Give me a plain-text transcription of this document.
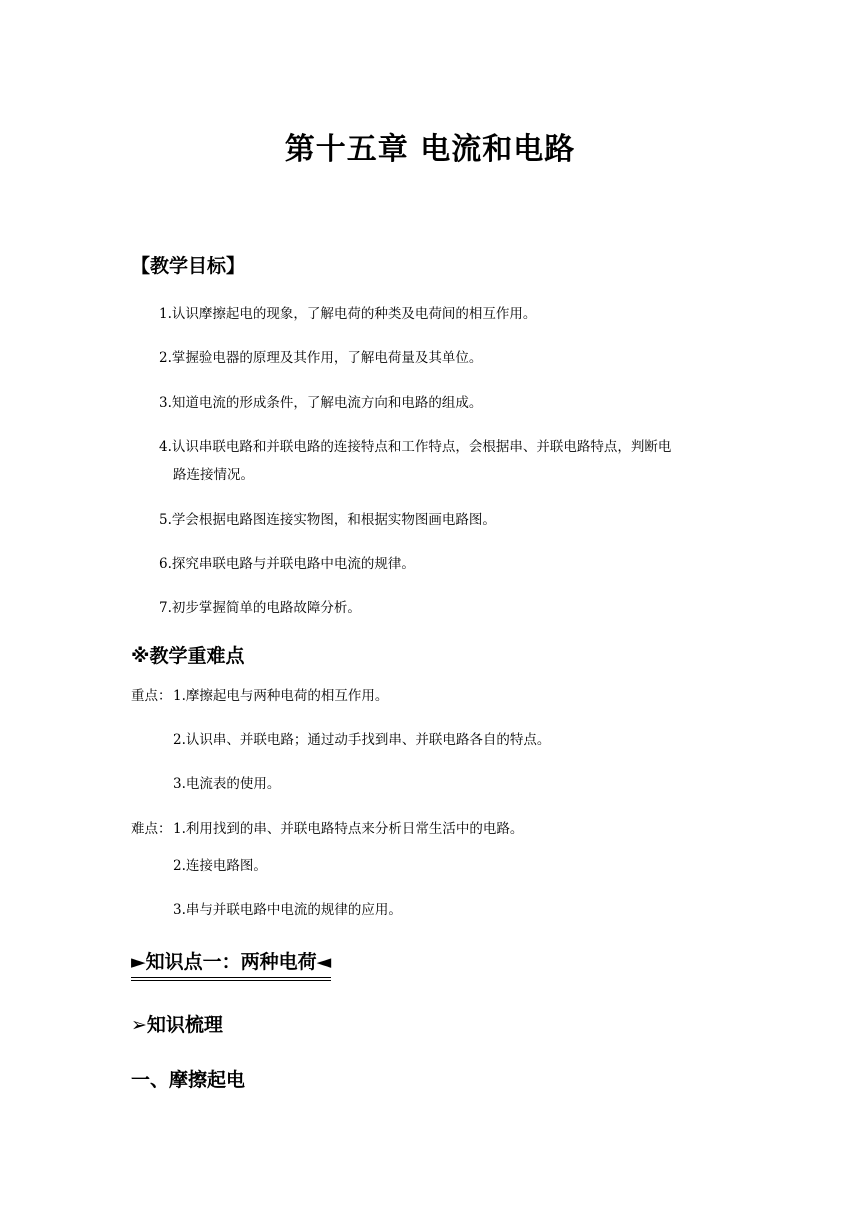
第十五章 电流和电路
【教学目标】
1.认识摩擦起电的现象，了解电荷的种类及电荷间的相互作用。
2.掌握验电器的原理及其作用，了解电荷量及其单位。
3.知道电流的形成条件，了解电流方向和电路的组成。
4.认识串联电路和并联电路的连接特点和工作特点，会根据串、并联电路特点，判断电
路连接情况。
5.学会根据电路图连接实物图，和根据实物图画电路图。
6.探究串联电路与并联电路中电流的规律。
7.初步掌握简单的电路故障分析。
※教学重难点
重点： 1.摩擦起电与两种电荷的相互作用。
2.认识串、并联电路；通过动手找到串、并联电路各自的特点。
3.电流表的使用。
难点： 1.利用找到的串、并联电路特点来分析日常生活中的电路。
2.连接电路图。
3.串与并联电路中电流的规律的应用。
►知识点一：两种电荷◄
➢知识梳理
一、摩擦起电
